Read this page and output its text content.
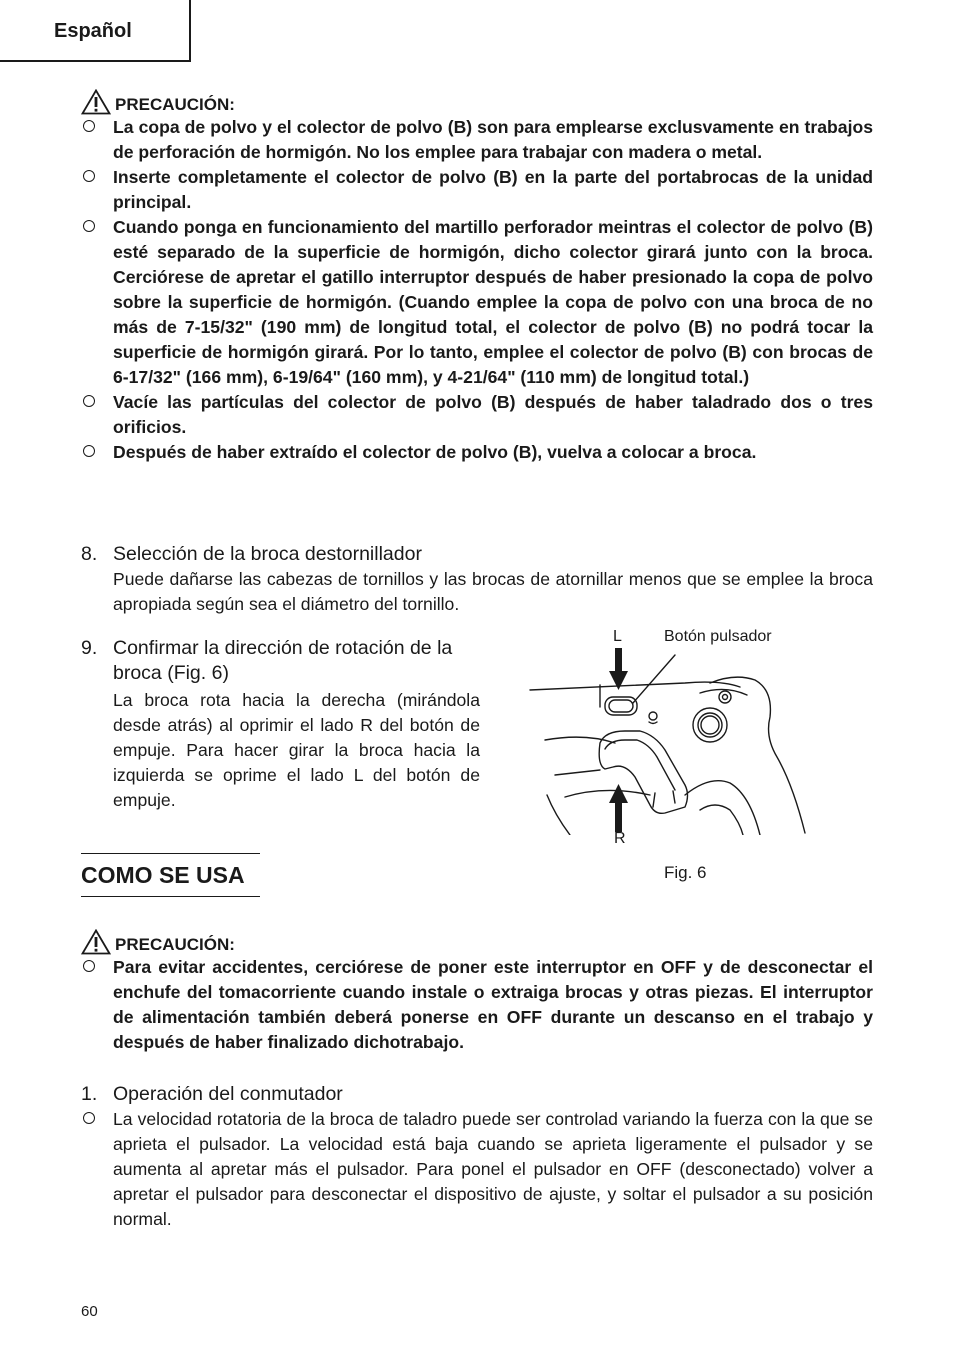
Español
PRECAUCIÓN:
La copa de polvo y el colector de polvo (B) son para emplearse exclusvamente en trabajos de perforación de hormigón. No los emplee para trabajar con madera o metal.
Inserte completamente el colector de polvo (B) en la parte del portabrocas de la unidad principal.
Cuando ponga en funcionamiento del martillo perforador meintras el colector de polvo (B) esté separado de la superficie de hormigón, dicho colector girará junto con la broca. Cerciórese de apretar el gatillo interruptor después de haber presionado la copa de polvo sobre la superficie de hormigón. (Cuando emplee la copa de polvo con una broca de no más de 7-15/32" (190 mm) de longitud total, el colector de polvo (B) no podrá tocar la superficie de hormigón girará. Por lo tanto, emplee el colector de polvo (B) con brocas de 6-17/32" (166 mm), 6-19/64" (160 mm), y 4-21/64" (110 mm) de longitud total.)
Vacíe las partículas del colector de polvo (B) después de haber taladrado dos o tres orificios.
Después de haber extraído el colector de polvo (B), vuelva a colocar a broca.
8. Selección de la broca destornillador
Puede dañarse las cabezas de tornillos y las brocas de atornillar menos que se emplee la broca apropiada según sea el diámetro del tornillo.
9. Confirmar la dirección de rotación de la broca (Fig. 6)
La broca rota hacia la derecha (mirándola desde atrás) al oprimir el lado R del botón de empuje. Para hacer girar la broca hacia la izquierda se oprime el lado L del botón de empuje.
L	Botón pulsador
R
Fig. 6
COMO SE USA
PRECAUCIÓN:
Para evitar accidentes, cerciórese de poner este interruptor en OFF y de desconectar el enchufe del tomacorriente cuando instale o extraiga brocas y otras piezas. El interruptor de alimentación también deberá ponerse en OFF durante un descanso en el trabajo y después de haber finalizado dichotrabajo.
1. Operación del conmutador
La velocidad rotatoria de la broca de taladro puede ser controlad variando la fuerza con la que se aprieta el pulsador. La velocidad está baja cuando se aprieta ligeramente el pulsador y se aumenta al apretar más el pulsador. Para ponel el pulsador en OFF (desconectado) volver a apretar el pulsador para desconectar el dispositivo de ajuste, y soltar el pulsador a su posición normal.
60
